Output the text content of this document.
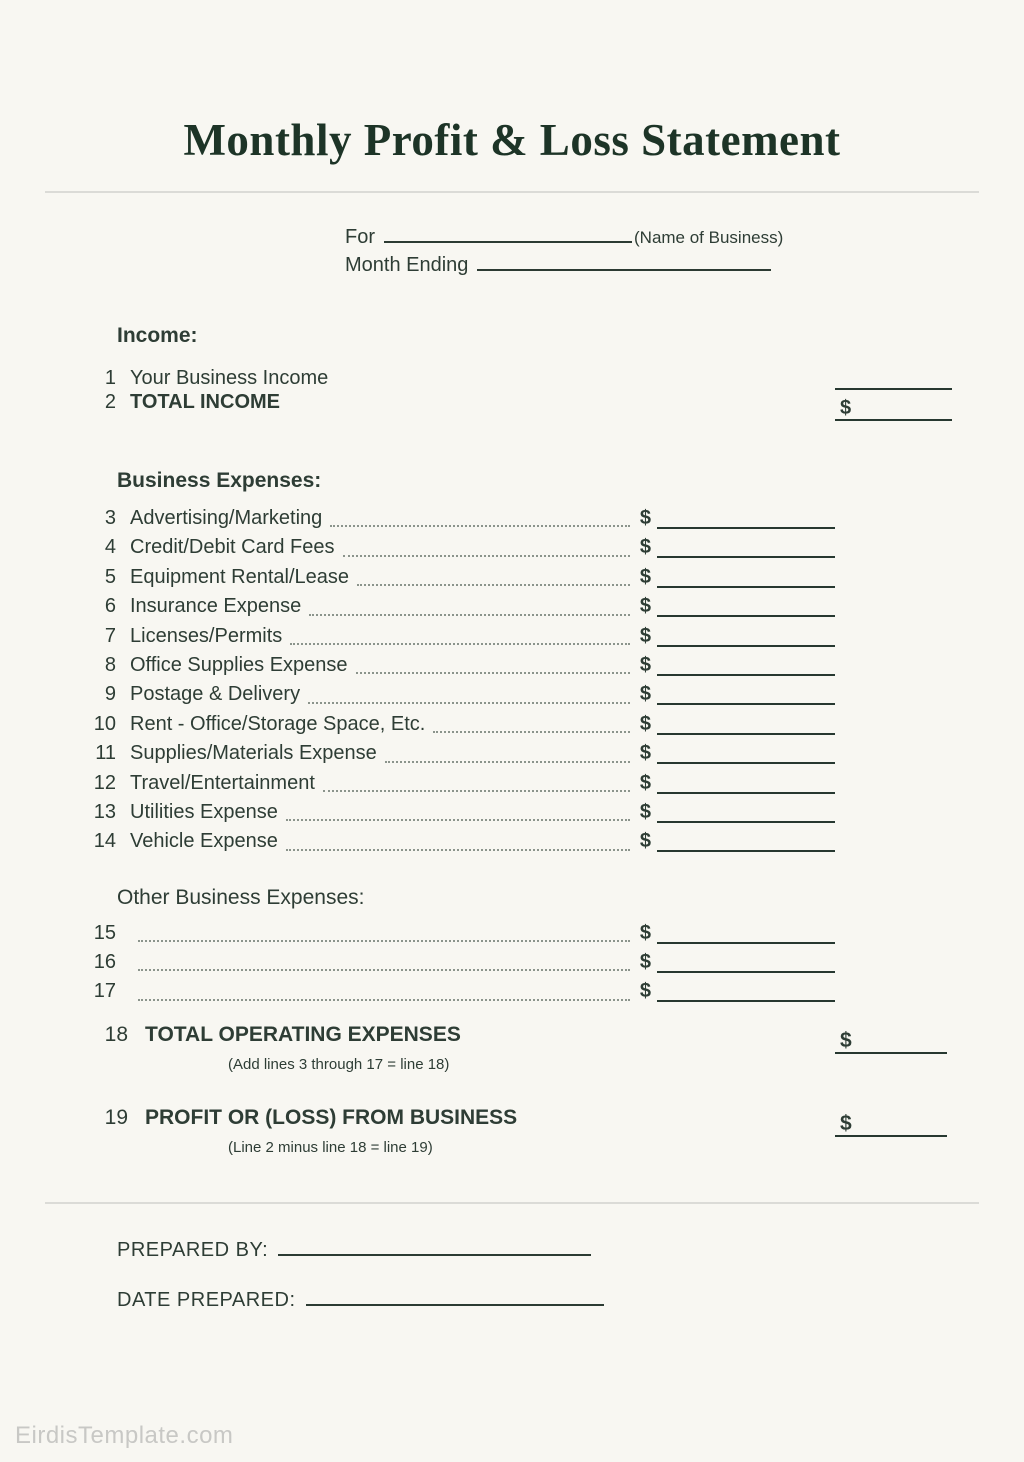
Monthly Profit & Loss Statement
For	(Name of Business)
Month Ending
Income:
1 Your Business Income
2 TOTAL INCOME	$
Business Expenses:
3 Advertising/Marketing	$
4 Credit/Debit Card Fees	$
5 Equipment Rental/Lease	$
6 Insurance Expense	$
7 Licenses/Permits	$
8 Office Supplies Expense	$
9 Postage & Delivery	$
10 Rent - Office/Storage Space, Etc.	$
11 Supplies/Materials Expense	$
12 Travel/Entertainment	$
13 Utilities Expense	$
14 Vehicle Expense	$
Other Business Expenses:
15	$
16	$
17	$
18 TOTAL OPERATING EXPENSES	$
(Add lines 3 through 17 = line 18)
19 PROFIT OR (LOSS) FROM BUSINESS	$
(Line 2 minus line 18 = line 19)
PREPARED BY:
DATE PREPARED:
EirdisTemplate.com
